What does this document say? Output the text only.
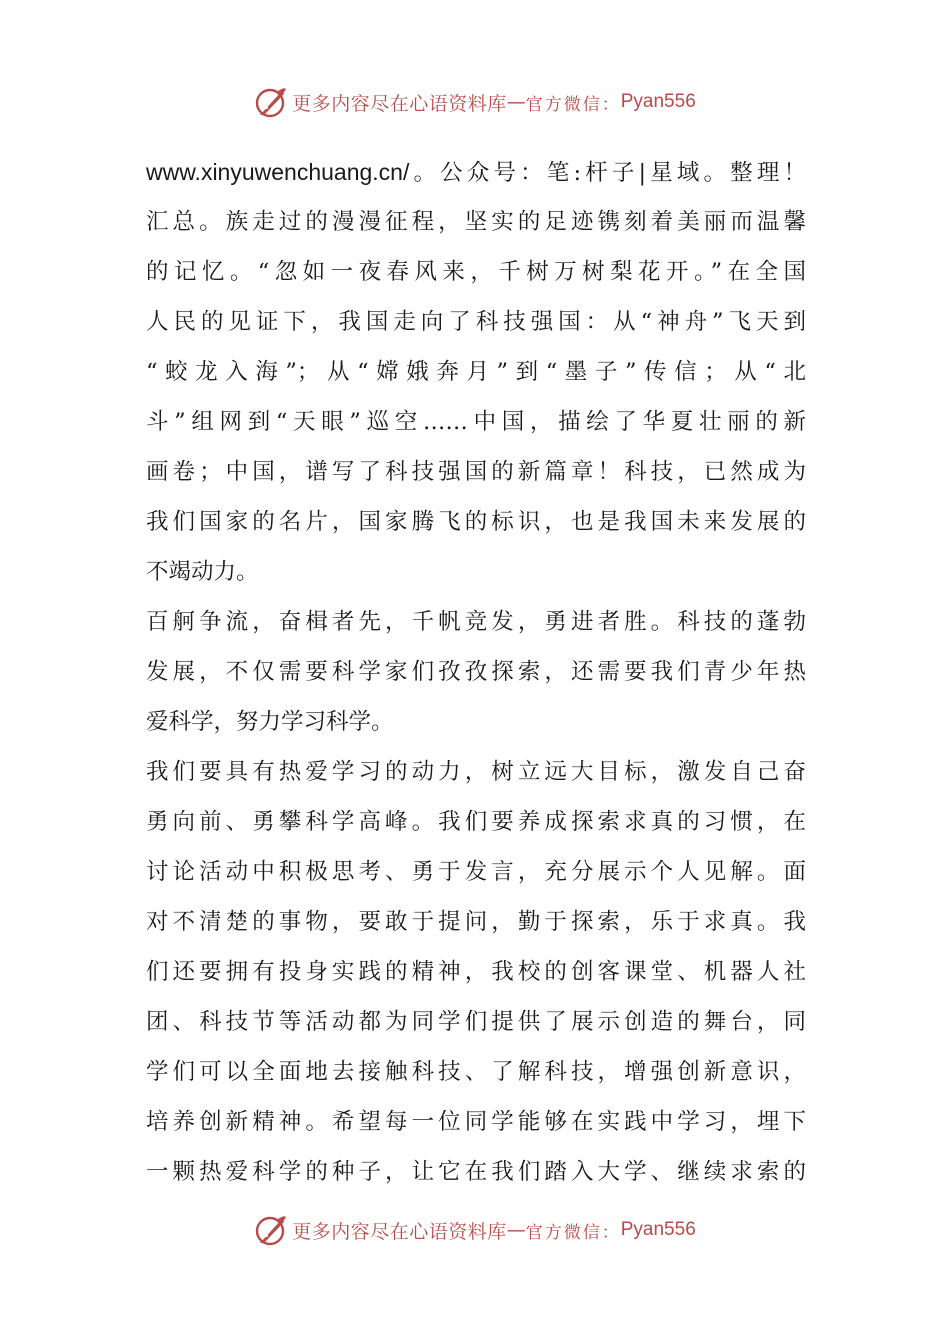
更多内容尽在心语资料库 — 官方微信： Pyan556
www.xinyuwenchuang.cn/。公众号：笔:杆子|星域。整理！
汇总。族走过的漫漫征程，坚实的足迹镌刻着美丽而温馨
的记忆。“忽如一夜春风来，千树万树梨花开。”在全国
人民的见证下，我国走向了科技强国：从“神舟”飞天到
“蛟龙入海”；从“嫦娥奔月”到“墨子”传信；从“北
斗”组网到“天眼”巡空……中国，描绘了华夏壮丽的新
画卷；中国，谱写了科技强国的新篇章！科技，已然成为
我们国家的名片，国家腾飞的标识，也是我国未来发展的
不竭动力。
百舸争流，奋楫者先，千帆竞发，勇进者胜。科技的蓬勃
发展，不仅需要科学家们孜孜探索，还需要我们青少年热
爱科学，努力学习科学。
我们要具有热爱学习的动力，树立远大目标，激发自己奋
勇向前、勇攀科学高峰。我们要养成探索求真的习惯，在
讨论活动中积极思考、勇于发言，充分展示个人见解。面
对不清楚的事物，要敢于提问，勤于探索，乐于求真。我
们还要拥有投身实践的精神，我校的创客课堂、机器人社
团、科技节等活动都为同学们提供了展示创造的舞台，同
学们可以全面地去接触科技、了解科技，增强创新意识，
培养创新精神。希望每一位同学能够在实践中学习，埋下
一颗热爱科学的种子，让它在我们踏入大学、继续求索的
更多内容尽在心语资料库 — 官方微信： Pyan556
